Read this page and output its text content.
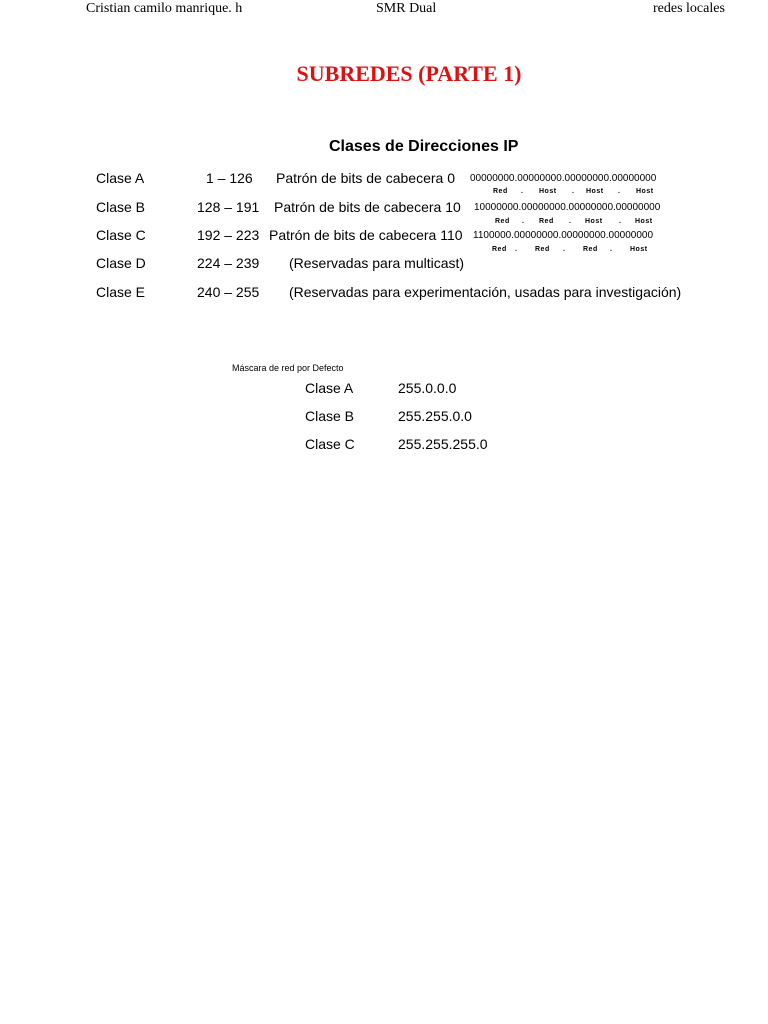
Cristian camilo manrique. h	SMR Dual	redes locales
SUBREDES (PARTE 1)
Clases de Direcciones IP
Clase A	1 – 126 Patrón de bits de cabecera 0 00000000.00000000.00000000.00000000
Red . Host . Host . Host
Clase B	128 – 191 Patrón de bits de cabecera 10 10000000.00000000.00000000.00000000
Red . Red . Host . Host
Clase C	192 – 223 Patrón de bits de cabecera 110 1100000.00000000.00000000.00000000
Red .	Red .	Red .	Host
Clase D	224 – 239 (Reservadas para multicast)
Clase E	240 – 255 (Reservadas para experimentación, usadas para investigación)
Máscara de red por Defecto
Clase A	255.0.0.0
Clase B	255.255.0.0
Clase C	255.255.255.0
